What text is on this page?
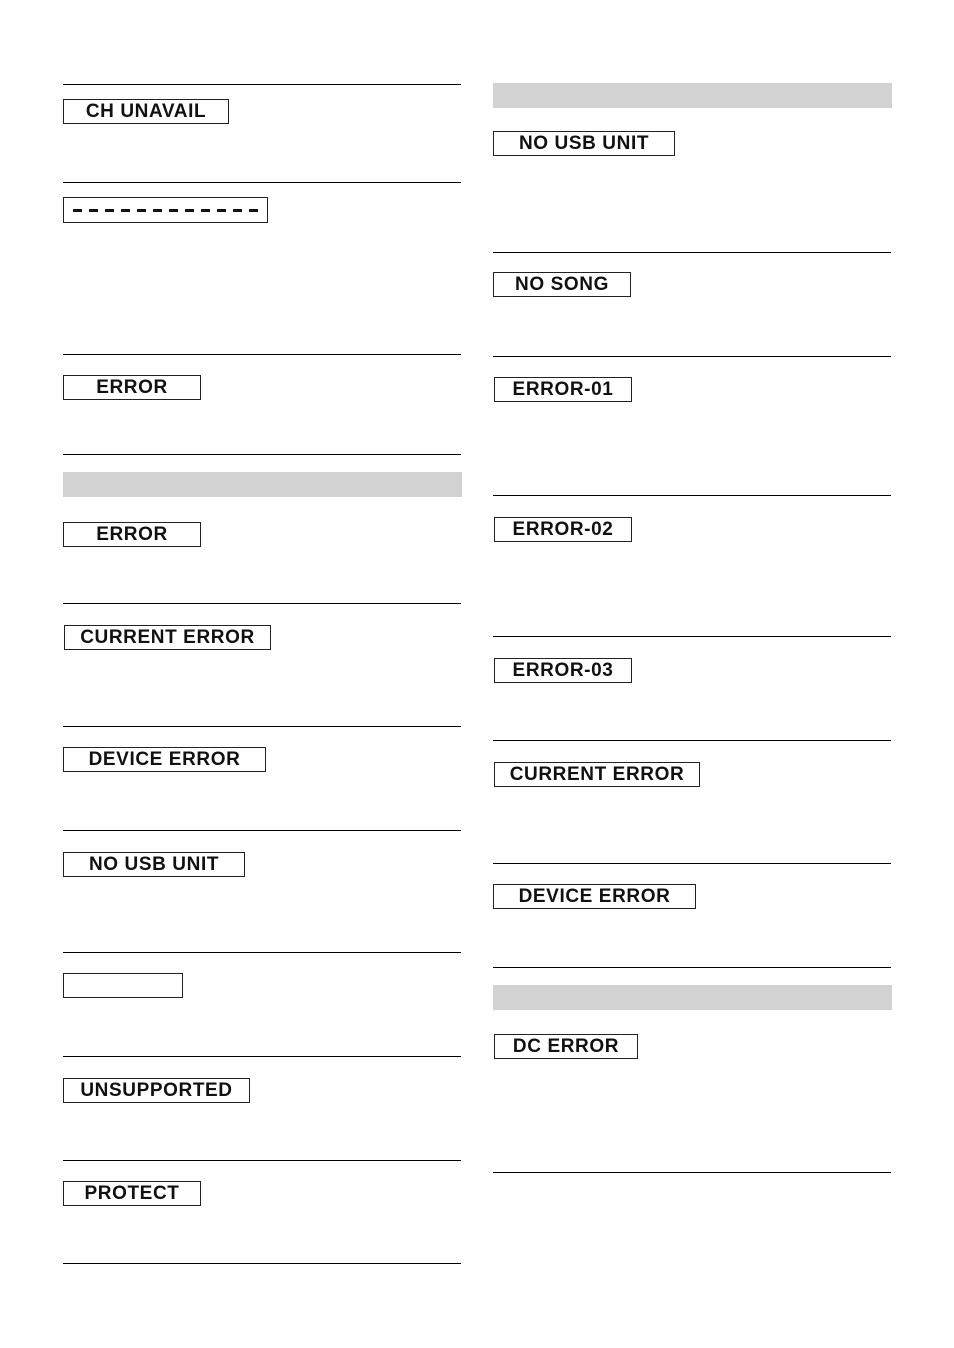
CH UNAVAIL
ERROR
ERROR
CURRENT ERROR
DEVICE ERROR
NO USB UNIT
UNSUPPORTED
PROTECT
NO USB UNIT
NO SONG
ERROR-01
ERROR-02
ERROR-03
CURRENT ERROR
DEVICE ERROR
DC ERROR
